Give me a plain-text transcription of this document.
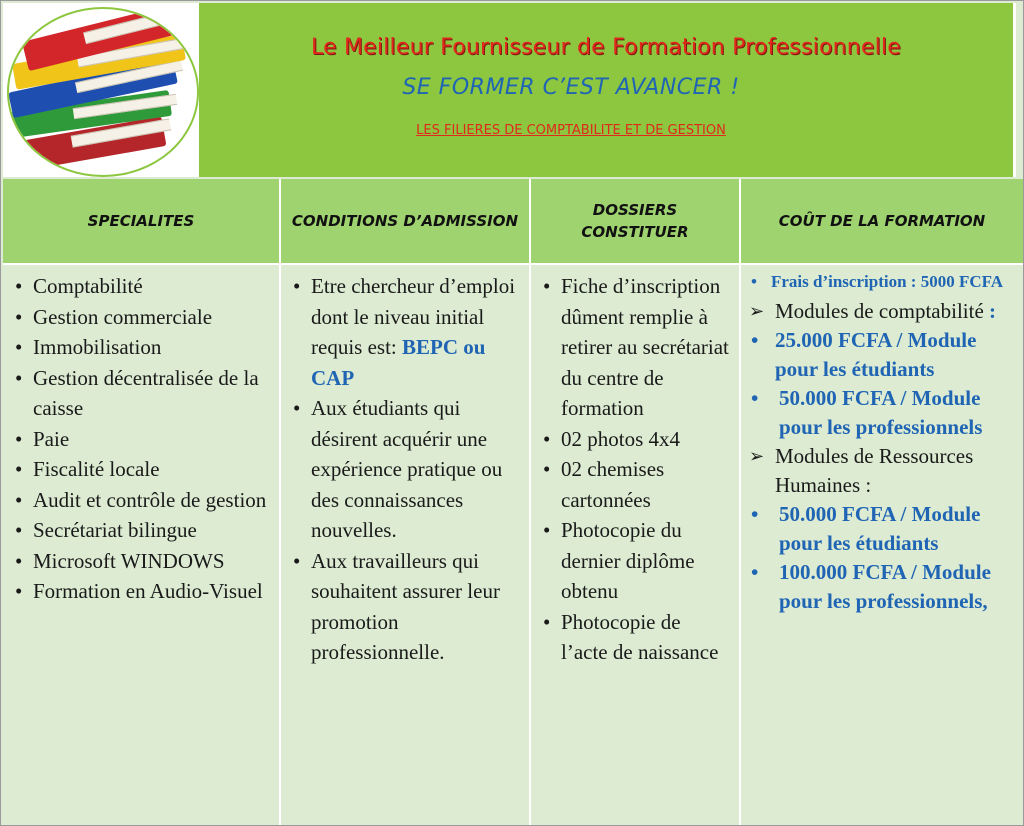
Le Meilleur Fournisseur de Formation Professionnelle
SE FORMER C’EST AVANCER !
LES FILIERES DE COMPTABILITE ET DE GESTION
SPECIALITES	CONDITIONS D’ADMISSION
DOSSIERS
CONSTITUER
COÛT DE LA FORMATION
• Comptabilité
• Gestion commerciale
• Immobilisation
• Gestion décentralisée de la caisse
• Paie
• Fiscalité locale
• Audit et contrôle de gestion
• Secrétariat bilingue
• Microsoft WINDOWS
• Formation en Audio-Visuel
• Etre chercheur d’emploi dont le niveau initial requis est: BEPC ou CAP
• Aux étudiants qui désirent acquérir une expérience pratique ou des connaissances nouvelles.
• Aux travailleurs qui souhaitent assurer leur promotion professionnelle.
• Fiche d’inscription dûment remplie à retirer au secrétariat du centre de formation
• 02 photos 4x4
• 02 chemises cartonnées
• Photocopie du dernier diplôme obtenu
• Photocopie de l’acte de naissance
• Frais d’inscription : 5000 FCFA
➢ Modules de comptabilité :
• 25.000 FCFA / Module pour les étudiants
• 50.000 FCFA / Module pour les professionnels
➢ Modules de Ressources Humaines :
• 50.000 FCFA / Module pour les étudiants
• 100.000 FCFA / Module pour les professionnels,
